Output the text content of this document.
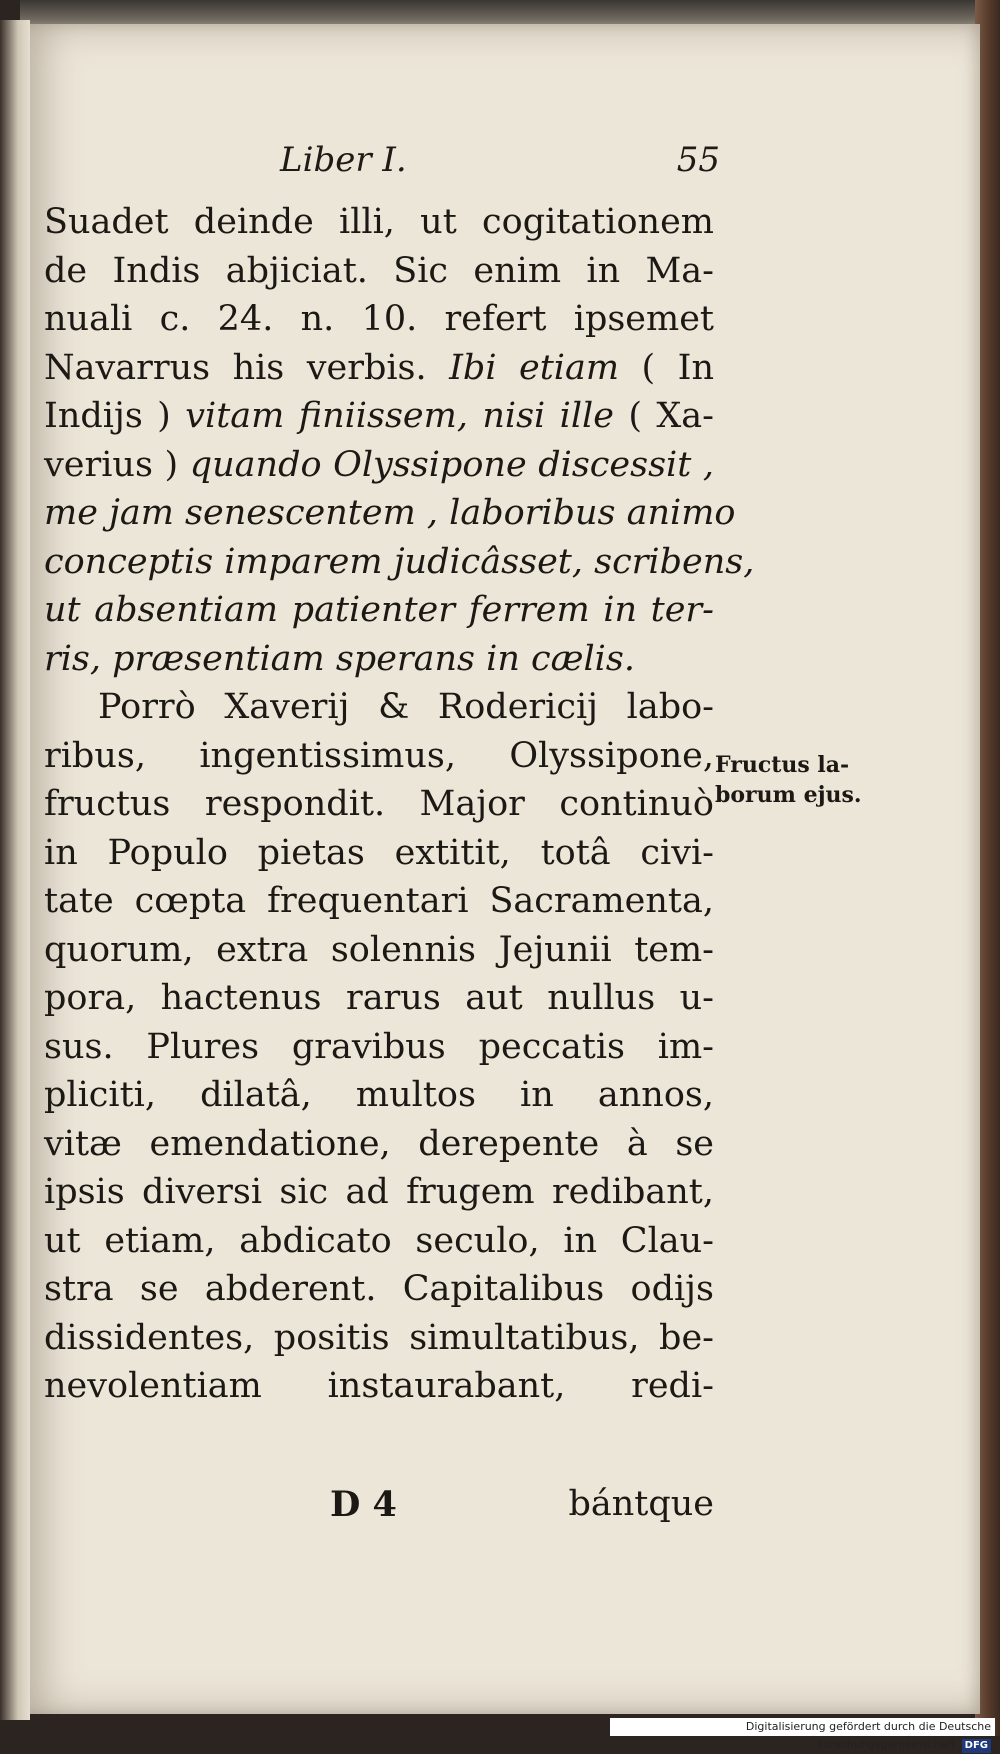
Liber I.	55
Suadet deinde illi, ut cogitationem
de Indis abjiciat. Sic enim in Ma-
nuali c. 24. n. 10. refert ipsemet
Navarrus his verbis. Ibi etiam ( In
Indijs ) vitam finiissem, nisi ille ( Xa-
verius ) quando Olyssipone discessit ,
me jam senescentem , laboribus animo
conceptis imparem judicâsset, scribens,
ut absentiam patienter ferrem in ter-
ris, præsentiam sperans in cælis.
Porrò Xaverij & Rodericij labo-
ribus, ingentissimus, Olyssipone,
fructus respondit. Major continuò
in Populo pietas extitit, totâ civi-
tate cœpta frequentari Sacramenta,
quorum, extra solennis Jejunii tem-
pora, hactenus rarus aut nullus u-
sus. Plures gravibus peccatis im-
pliciti, dilatâ, multos in annos,
vitæ emendatione, derepente à se
ipsis diversi sic ad frugem redibant,
ut etiam, abdicato seculo, in Clau-
stra se abderent. Capitalibus odijs
dissidentes, positis simultatibus, be-
nevolentiam instaurabant, redi-
Fructus la-
borum ejus.
D 4	bántque
Digitalisierung gefördert durch die Deutsche Forschungsgemeinschaft DFG
